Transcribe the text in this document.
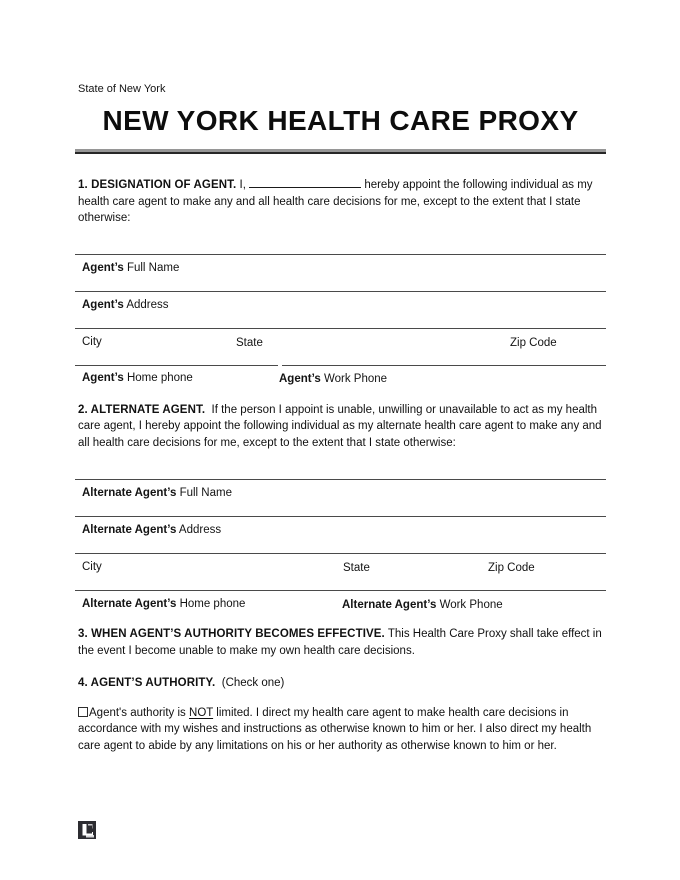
State of New York
NEW YORK HEALTH CARE PROXY

1. DESIGNATION OF AGENT. I,	hereby appoint the following individual as my health care agent to make any and all health care decisions for me, except to the extent that I state otherwise:

Agent’s Full Name
Agent’s Address
City	State	Zip Code
Agent’s Home phone	Agent’s Work Phone

2. ALTERNATE AGENT. If the person I appoint is unable, unwilling or unavailable to act as my health care agent, I hereby appoint the following individual as my alternate health care agent to make any and all health care decisions for me, except to the extent that I state otherwise:

Alternate Agent’s Full Name
Alternate Agent’s Address
City	State	Zip Code
Alternate Agent’s Home phone	Alternate Agent’s Work Phone

3. WHEN AGENT’S AUTHORITY BECOMES EFFECTIVE. This Health Care Proxy shall take effect in the event I become unable to make my own health care decisions.

4. AGENT’S AUTHORITY. (Check one)

Agent's authority is NOT limited. I direct my health care agent to make health care decisions in accordance with my wishes and instructions as otherwise known to him or her. I also direct my health care agent to abide by any limitations on his or her authority as otherwise known to him or her.
